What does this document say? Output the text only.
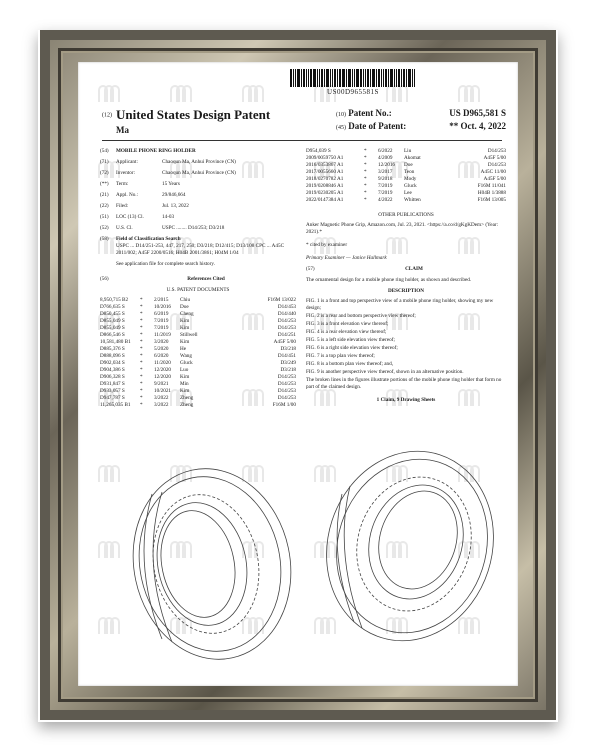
US00D965581S
(12) United States Design Patent
Ma
(10) Patent No.:	US D965,581 S
(45) Date of Patent:	** Oct. 4, 2022
(54)	MOBILE PHONE RING HOLDER
(71)	Applicant:	Chaoqun Ma, Anhui Province (CN)
(72)	Inventor:	Chaoqun Ma, Anhui Province (CN)
(**)	Term:	15 Years
(21)	Appl. No.:	29/846,664
(22)	Filed:	Jul. 13, 2022
(51)	LOC (13) Cl.	14-03
(52)	U.S. Cl.	USPC ........ D14/253; D3/218
(58)	Field of Classification Search
USPC ... D14/251-253, 447, 217, 250; D3/218; D12/415; D13/108 CPC ... A45C 2011/002; A45F 2200/0516; H04B 2001/3861; H04M 1/04
See application file for complete search history.
(56)	References Cited
U.S. PATENT DOCUMENTS
8,950,715 B2	*	2/2015	Chiu	F16M 13/022
D766,635 S	*	10/2016	Doe	D14/453
D850,455 S	*	6/2019	Cheng	D14/440
D855,049 S	*	7/2019	Kim	D14/253
D855,049 S	*	7/2019	Kim	D14/253
D866,546 S	*	11/2019	Stillwell	D14/251
10,581,480 B1	*	3/2020	Kim	A45F 5/00
D885,376 S	*	5/2020	He	D3/218
D888,096 S	*	6/2020	Wang	D14/451
D902,034 S	*	11/2020	Gluck	D3/249
D904,386 S	*	12/2020	Luo	D3/218
D906,328 S	*	12/2020	Kim	D14/253
D931,847 S	*	9/2021	Min	D14/253
D933,057 S	*	10/2021	Kim	D14/253
D947,787 S	*	3/2022	Zheng	D14/253
11,265,035 B1	*	3/2022	Zheng	F16M 1/00
D954,039 S	*	6/2022	Liu	D14/253
2009/0059750 A1	*	4/2009	Akomat	A45F 5/00
2016/0353867 A1	*	12/2016	Doe	D14/253
2017/0055660 A1	*	3/2017	Teon	A45C 11/00
2018/0270782 A1	*	9/2018	Mody	A45F 5/00
2019/0208846 A1	*	7/2019	Gluck	F16M 11/041
2019/0230205 A1	*	7/2019	Lee	H04B 1/3888
2022/0147384 A1	*	4/2022	Whitten	F16M 13/005
OTHER PUBLICATIONS
Anker Magnetic Phone Grip, Amazon.com, Jul. 23, 2021. <https://a.co/d/gKgKDem> (Year: 2021).*
* cited by examiner
Primary Examiner — Janice Hallmark
(57)	CLAIM
The ornamental design for a mobile phone ring holder, as shown and described.
DESCRIPTION
FIG. 1 is a front and top perspective view of a mobile phone ring holder, showing my new design;
FIG. 2 is a rear and bottom perspective view thereof;
FIG. 3 is a front elevation view thereof;
FIG. 4 is a rear elevation view thereof;
FIG. 5 is a left side elevation view thereof;
FIG. 6 is a right side elevation view thereof;
FIG. 7 is a top plan view thereof;
FIG. 8 is a bottom plan view thereof; and,
FIG. 9 is another perspective view thereof, shown in an alternative position.
The broken lines in the figures illustrate portions of the mobile phone ring holder that form no part of the claimed design.
1 Claim, 9 Drawing Sheets
